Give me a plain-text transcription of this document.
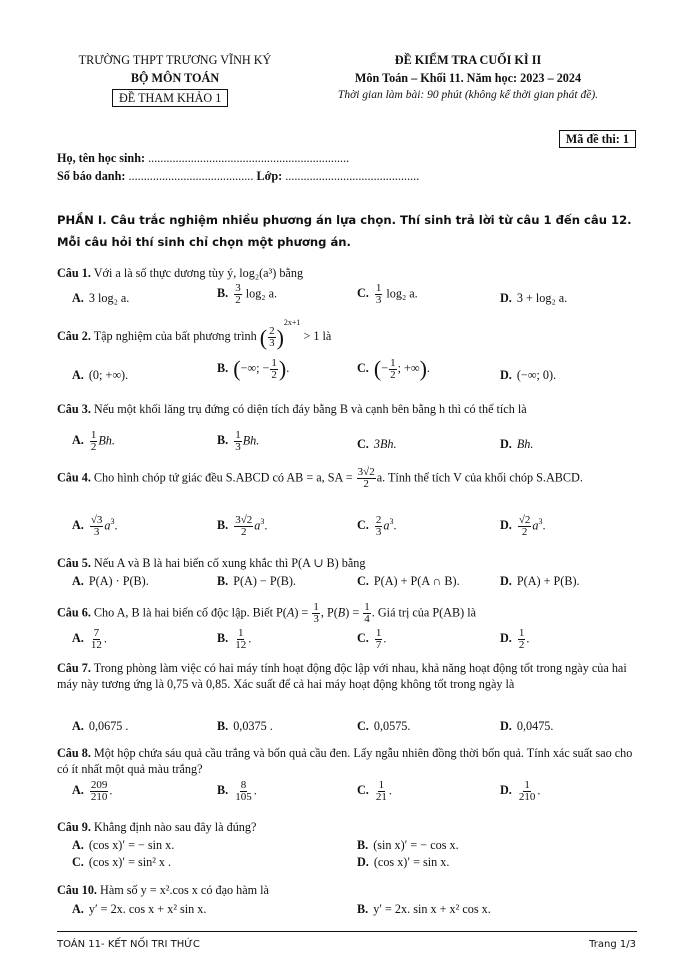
TRƯỜNG THPT TRƯƠNG VĨNH KÝ
BỘ MÔN TOÁN
ĐỀ THAM KHẢO 1
ĐỀ KIỂM TRA CUỐI KÌ II
Môn Toán – Khối 11. Năm học: 2023 – 2024
Thời gian làm bài: 90 phút (không kể thời gian phát đề).
Mã đề thi: 1
Họ, tên học sinh: ..................................................................
Số báo danh: ......................................... Lớp: ............................................
PHẦN I. Câu trắc nghiệm nhiều phương án lựa chọn. Thí sinh trả lời từ câu 1 đến câu 12.
Mỗi câu hỏi thí sinh chỉ chọn một phương án.
Câu 1. Với a là số thực dương tùy ý, log₂(a³) bằng
A. 3 log₂ a.	B. $\frac{3}{2} \log_2$ a.	C. $\frac{1}{3} \log_2$ a.	D. 3 + log₂ a.
Câu 2. Tập nghiệm của bất phương trình ( $\frac{2}{3} )^{2x+1} > 1$ là
A. (0; +∞).
B. (−∞; − $\frac{1}{2}$ ).	C. (− $\frac{1}{2}$ ; +∞).
D. (−∞; 0).
Câu 3. Nếu một khối lăng trụ đứng có diện tích đáy bằng B và cạnh bên bằng h thì có thể tích là
A. $\frac{1}{2} Bh$.	B. $\frac{1}{3} Bh$.	C. 3Bh.	D. Bh.
Câu 4. Cho hình chóp tứ giác đều S.ABCD có AB = a, SA = $\frac{3√2}{2} a$. Tính thể tích V của khối chóp S.ABCD.
A. $\frac{√3}{3} a^3$.	B. $\frac{3√2}{2} a^3$.	C. $\frac{2}{3} a^3$.	D. $\frac{√2}{2} a^3$.
Câu 5. Nếu A và B là hai biến cố xung khắc thì P(A ∪ B) bằng
A. P(A) · P(B).	B. P(A) − P(B).	C. P(A) + P(A ∩ B).	D. P(A) + P(B).
Câu 6. Cho A, B là hai biến cố độc lập. Biết $P(A) = \frac{1}{3}$ , $P(B) = \frac{1}{4}$ . Giá trị của P(AB) là
A. $\frac{7}{12}$ .	B. $\frac{1}{12}$ .	C. $\frac{1}{7}$ .	D. $\frac{1}{2}$ .
Câu 7. Trong phòng làm việc có hai máy tính hoạt động độc lập với nhau, khả năng hoạt động tốt trong ngày của hai máy này tương ứng là 0,75 và 0,85. Xác suất để cả hai máy hoạt động không tốt trong ngày là
A. 0,0675 .	B. 0,0375 .	C. 0,0575.	D. 0,0475.
Câu 8. Một hộp chứa sáu quả cầu trắng và bốn quả cầu đen. Lấy ngẫu nhiên đồng thời bốn quả. Tính xác suất sao cho có ít nhất một quả màu trắng?
A. $\frac{209}{210}$ .	B. $\frac{8}{105}$ .	C. $\frac{1}{21}$ .	D. $\frac{1}{210}$ .
Câu 9. Khẳng định nào sau đây là đúng?
A. (cos x)′ = − sin x.	B. (sin x)′ = − cos x.
C. (cos x)′ = sin² x .	D. (cos x)′ = sin x.
Câu 10. Hàm số y = x².cos x có đạo hàm là
A. y′ = 2x. cos x + x² sin x.	B. y′ = 2x. sin x + x² cos x.
TOÁN 11- KẾT NỐI TRI THỨC	Trang 1/3
